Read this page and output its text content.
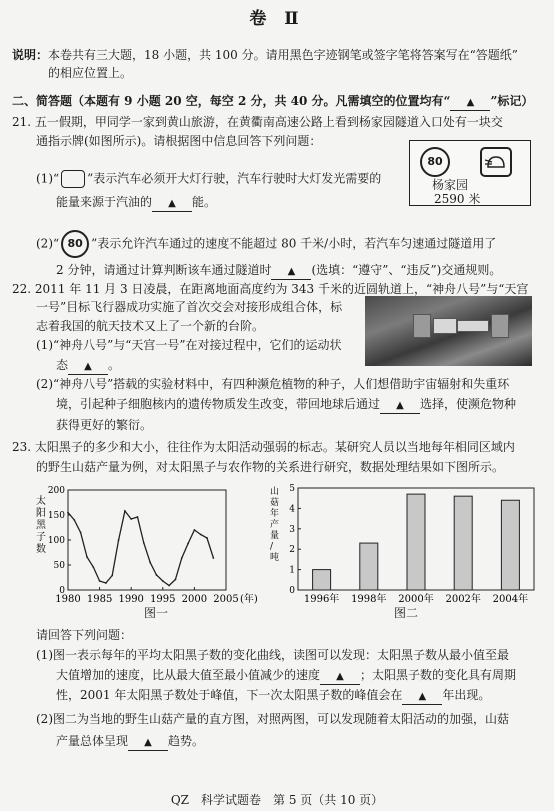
卷 Ⅱ
说明：本卷共有三大题，18 小题，共 100 分。请用黑色字迹钢笔或签字笔将答案写在“答题纸”
的相应位置上。
二、简答题（本题有 9 小题 20 空，每空 2 分，共 40 分。凡需填空的位置均有“ ▲ ”标记）
21. 五一假期，甲同学一家到黄山旅游，在黄衢南高速公路上看到杨家园隧道入口处有一块交
通指示牌(如图所示)。请根据图中信息回答下列问题：
80
杨家园
2590 米
(1)“ ”表示汽车必须开大灯行驶，汽车行驶时大灯发光需要的
能量来源于汽油的 ▲ 能。
(2)“ 80 ”表示允许汽车通过的速度不能超过 80 千米/小时，若汽车匀速通过隧道用了
2 分钟，请通过计算判断该车通过隧道时 ▲ (选填：“遵守”、“违反”)交通规则。
22. 2011 年 11 月 3 日凌晨，在距离地面高度约为 343 千米的近圆轨道上，“神舟八号”与“天宫
一号”目标飞行器成功实施了首次交会对接形成组合体，标
志着我国的航天技术又上了一个新的台阶。
(1)“神舟八号”与“天宫一号”在对接过程中，它们的运动状
态 ▲ 。
(2)“神舟八号”搭载的实验材料中，有四种濒危植物的种子，人们想借助宇宙辐射和失重环
境，引起种子细胞核内的遗传物质发生改变，带回地球后通过 ▲ 选择，使濒危物种
获得更好的繁衍。
23. 太阳黑子的多少和大小，往往作为太阳活动强弱的标志。某研究人员以当地每年相同区域内
的野生山菇产量为例，对太阳黑子与农作物的关系进行研究，数据处理结果如下图所示。
太
阳
黑
子
数
0
50
100
150
200
1980 1985 1990 1995 2000 2005 (年)
图一
山
菇
年
产
量
/
吨
0
1
2
3
4
5
1996年 1998年 2000年 2002年 2004年
图二
请回答下列问题：
(1)图一表示每年的平均太阳黑子数的变化曲线，读图可以发现：太阳黑子数从最小值至最
大值增加的速度，比从最大值至最小值减少的速度 ▲ ；太阳黑子数的变化具有周期
性，2001 年太阳黑子数处于峰值，下一次太阳黑子数的峰值会在 ▲ 年出现。
(2)图二为当地的野生山菇产量的直方图，对照两图，可以发现随着太阳活动的加强，山菇
产量总体呈现 ▲ 趋势。
QZ　科学试题卷　第 5 页（共 10 页）
